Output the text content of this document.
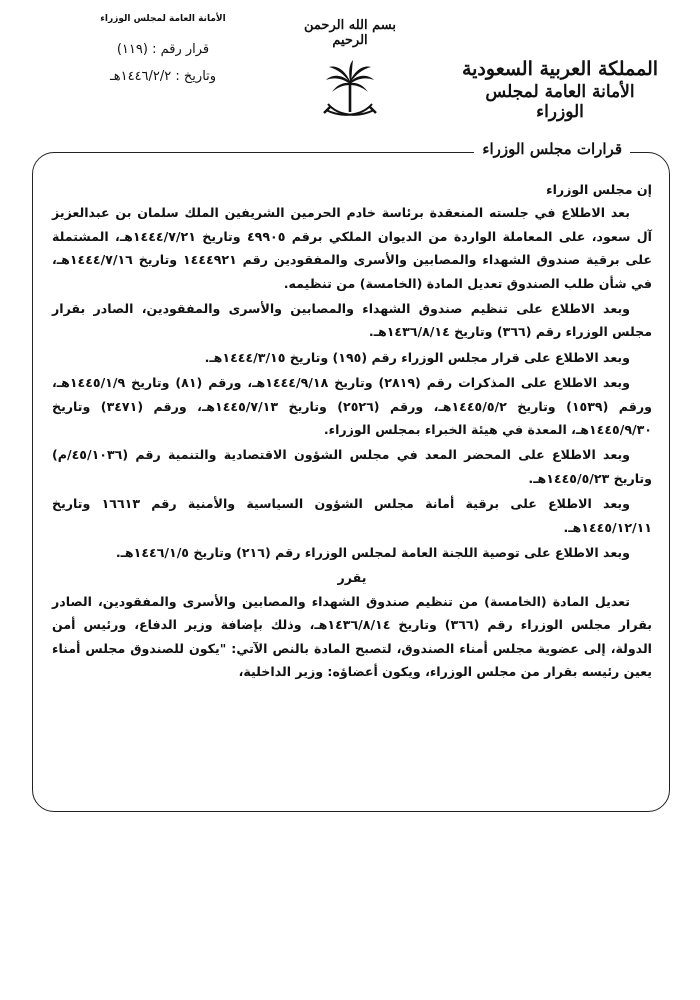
المملكة العربية السعودية
الأمانة العامة لمجلس الوزراء
بسم الله الرحمن الرحيم
الأمانة العامة لمجلس الوزراء
قرار رقم : (١١٩)
وتاريخ : ١٤٤٦/٢/٢هـ
قرارات مجلس الوزراء

إن مجلس الوزراء

بعد الاطلاع في جلسته المنعقدة برئاسة خادم الحرمين الشريفين الملك سلمان بن عبدالعزيز آل سعود، على المعاملة الواردة من الديوان الملكي برقم ٤٩٩٠٥ وتاريخ ١٤٤٤/٧/٢١هـ، المشتملة على برقية صندوق الشهداء والمصابين والأسرى والمفقودين رقم ١٤٤٤٩٢١ وتاريخ ١٤٤٤/٧/١٦هـ، في شأن طلب الصندوق تعديل المادة (الخامسة) من تنظيمه.

وبعد الاطلاع على تنظيم صندوق الشهداء والمصابين والأسرى والمفقودين، الصادر بقرار مجلس الوزراء رقم (٣٦٦) وتاريخ ١٤٣٦/٨/١٤هـ.

وبعد الاطلاع على قرار مجلس الوزراء رقم (١٩٥) وتاريخ ١٤٤٤/٣/١٥هـ.

وبعد الاطلاع على المذكرات رقم (٢٨١٩) وتاريخ ١٤٤٤/٩/١٨هـ، ورقم (٨١) وتاريخ ١٤٤٥/١/٩هـ، ورقم (١٥٣٩) وتاريخ ١٤٤٥/٥/٢هـ، ورقم (٢٥٢٦) وتاريخ ١٤٤٥/٧/١٣هـ، ورقم (٣٤٧١) وتاريخ ١٤٤٥/٩/٣٠هـ، المعدة في هيئة الخبراء بمجلس الوزراء.

وبعد الاطلاع على المحضر المعد في مجلس الشؤون الاقتصادية والتنمية رقم (٤٥/١٠٣٦/م) وتاريخ ١٤٤٥/٥/٢٣هـ.

وبعد الاطلاع على برقية أمانة مجلس الشؤون السياسية والأمنية رقم ١٦٦١٣ وتاريخ ١٤٤٥/١٢/١١هـ.

وبعد الاطلاع على توصية اللجنة العامة لمجلس الوزراء رقم (٢١٦) وتاريخ ١٤٤٦/١/٥هـ.

يقرر

تعديل المادة (الخامسة) من تنظيم صندوق الشهداء والمصابين والأسرى والمفقودين، الصادر بقرار مجلس الوزراء رقم (٣٦٦) وتاريخ ١٤٣٦/٨/١٤هـ، وذلك بإضافة وزير الدفاع، ورئيس أمن الدولة، إلى عضوية مجلس أمناء الصندوق، لتصبح المادة بالنص الآتي: "يكون للصندوق مجلس أمناء يعين رئيسه بقرار من مجلس الوزراء، ويكون أعضاؤه: وزير الداخلية،
